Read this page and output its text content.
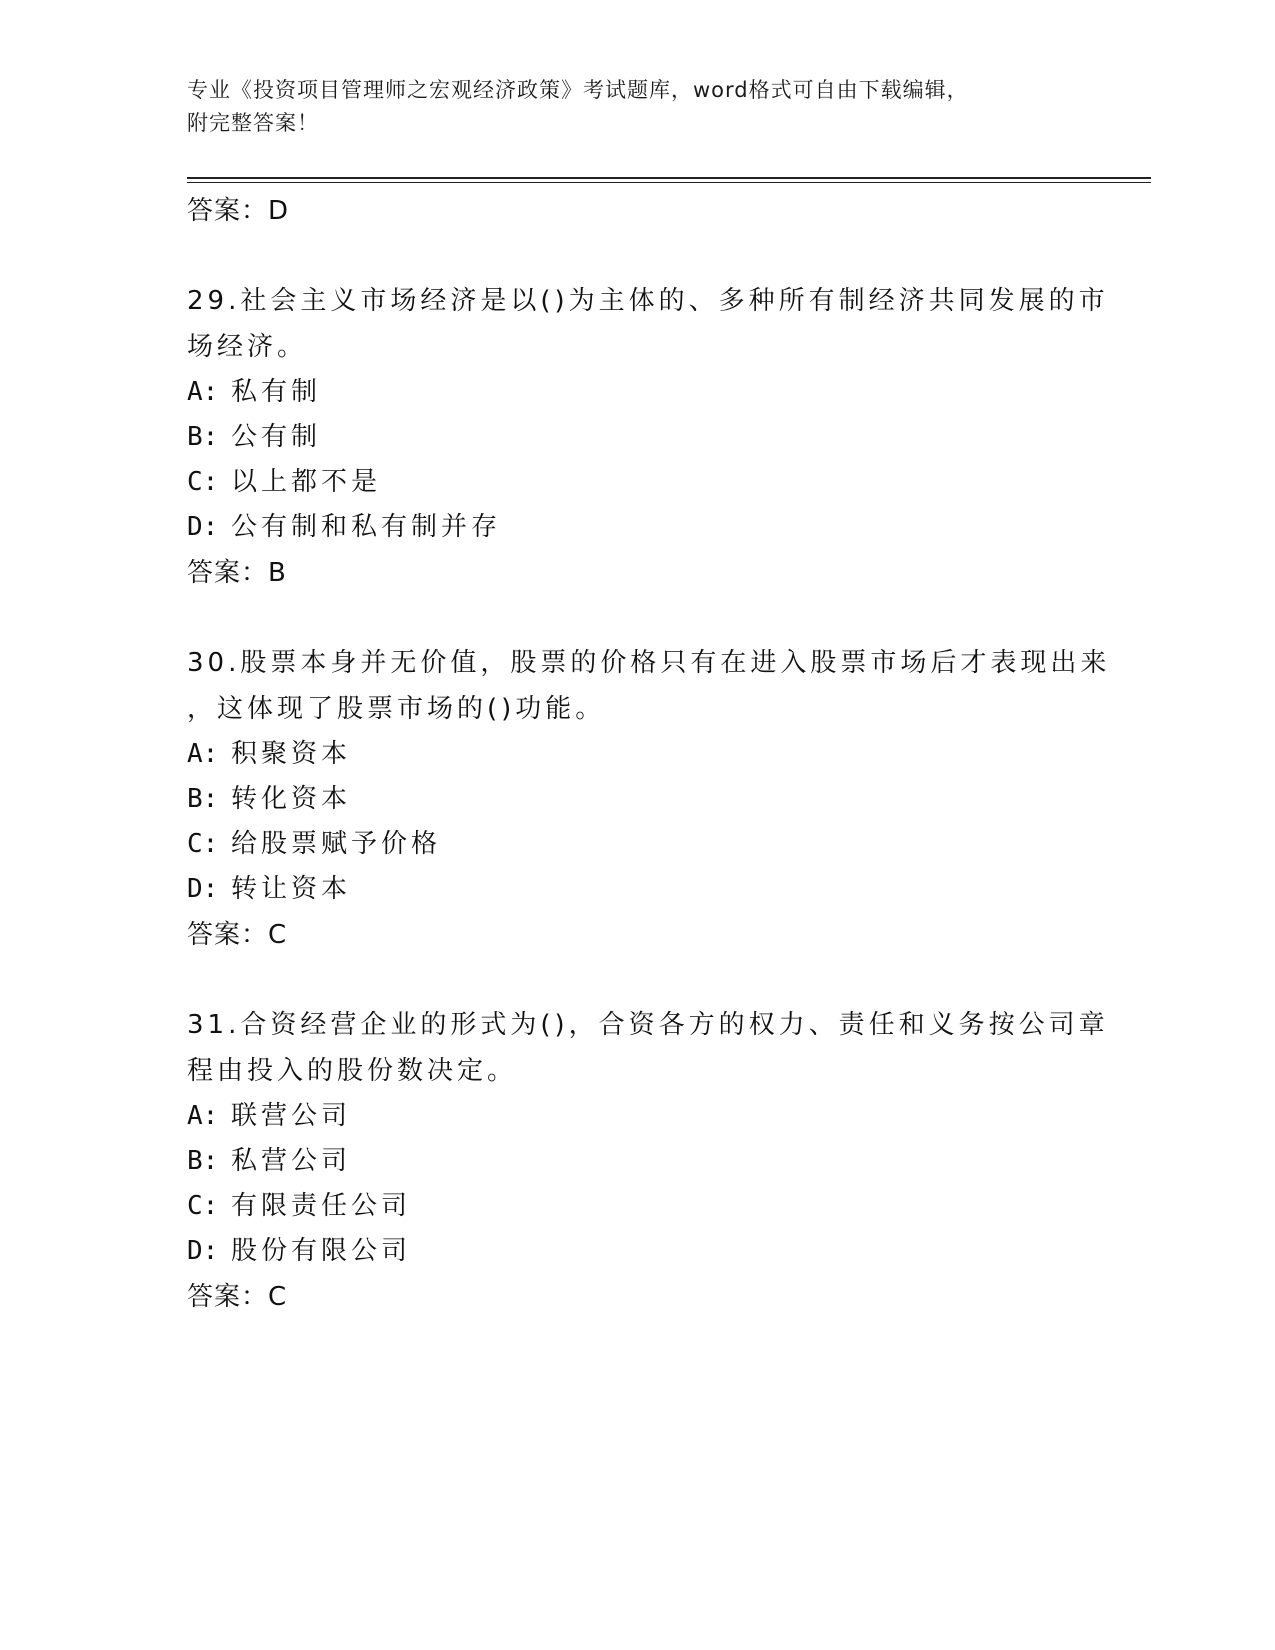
专业《投资项目管理师之宏观经济政策》考试题库，word格式可自由下载编辑，
附完整答案！

答案：D

29.社会主义市场经济是以()为主体的、多种所有制经济共同发展的市

场经济。

A: 私有制

B: 公有制

C: 以上都不是

D: 公有制和私有制并存

答案：B

30.股票本身并无价值，股票的价格只有在进入股票市场后才表现出来

，这体现了股票市场的()功能。

A: 积聚资本

B: 转化资本

C: 给股票赋予价格

D: 转让资本

答案：C

31.合资经营企业的形式为()，合资各方的权力、责任和义务按公司章

程由投入的股份数决定。

A: 联营公司

B: 私营公司

C: 有限责任公司

D: 股份有限公司

答案：C
